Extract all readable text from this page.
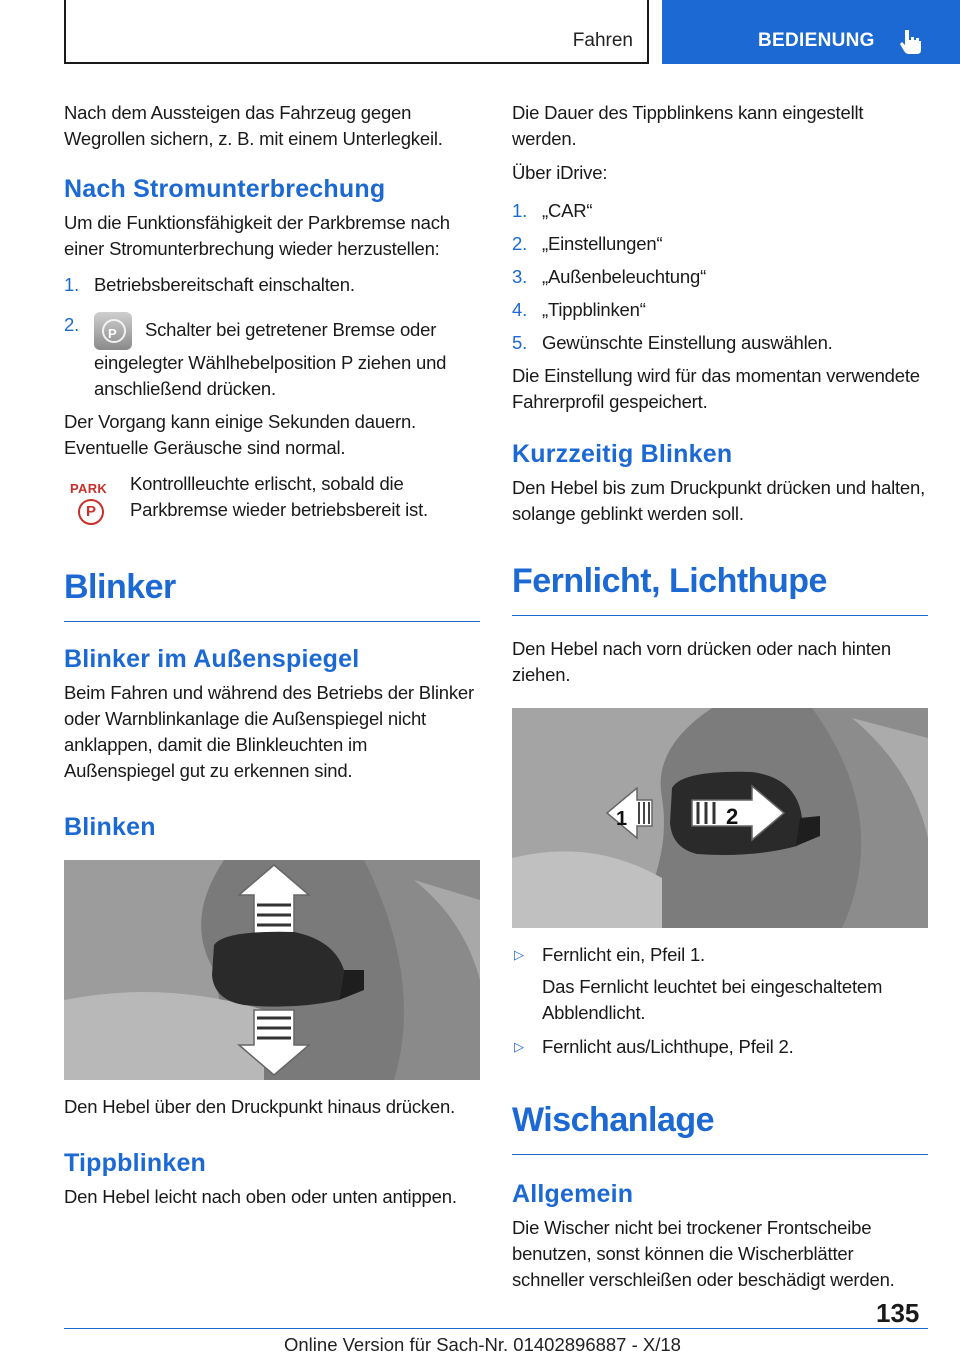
Fahren	BEDIENUNG

Nach dem Aussteigen das Fahrzeug gegen Wegrollen sichern, z. B. mit einem Unterlegkeil.

Nach Stromunterbrechung

Um die Funktionsfähigkeit der Parkbremse nach einer Stromunterbrechung wieder herzustellen:

1. Betriebsbereitschaft einschalten.
2. P Schalter bei getretener Bremse oder eingelegter Wählhebelposition P ziehen und anschließend drücken.

Der Vorgang kann einige Sekunden dauern. Eventuelle Geräusche sind normal.

PARK
P

Kontrollleuchte erlischt, sobald die Parkbremse wieder betriebsbereit ist.

Blinker
Blinker im Außenspiegel

Beim Fahren und während des Betriebs der Blinker oder Warnblinkanlage die Außenspiegel nicht anklappen, damit die Blinkleuchten im Außenspiegel gut zu erkennen sind.

Blinken

Den Hebel über den Druckpunkt hinaus drücken.

Tippblinken

Den Hebel leicht nach oben oder unten antippen.

Die Dauer des Tippblinkens kann eingestellt werden.

Über iDrive:

1. „CAR“
2. „Einstellungen“
3. „Außenbeleuchtung“
4. „Tippblinken“
5. Gewünschte Einstellung auswählen.

Die Einstellung wird für das momentan verwendete Fahrerprofil gespeichert.

Kurzzeitig Blinken

Den Hebel bis zum Druckpunkt drücken und halten, solange geblinkt werden soll.

Fernlicht, Lichthupe

Den Hebel nach vorn drücken oder nach hinten ziehen.

1	2
▷ Fernlicht ein, Pfeil 1.

Das Fernlicht leuchtet bei eingeschaltetem Abblendlicht.

▷ Fernlicht aus/Lichthupe, Pfeil 2.
Wischanlage
Allgemein

Die Wischer nicht bei trockener Frontscheibe benutzen, sonst können die Wischerblätter schneller verschleißen oder beschädigt werden.

135
Online Version für Sach-Nr. 01402896887 - X/18
